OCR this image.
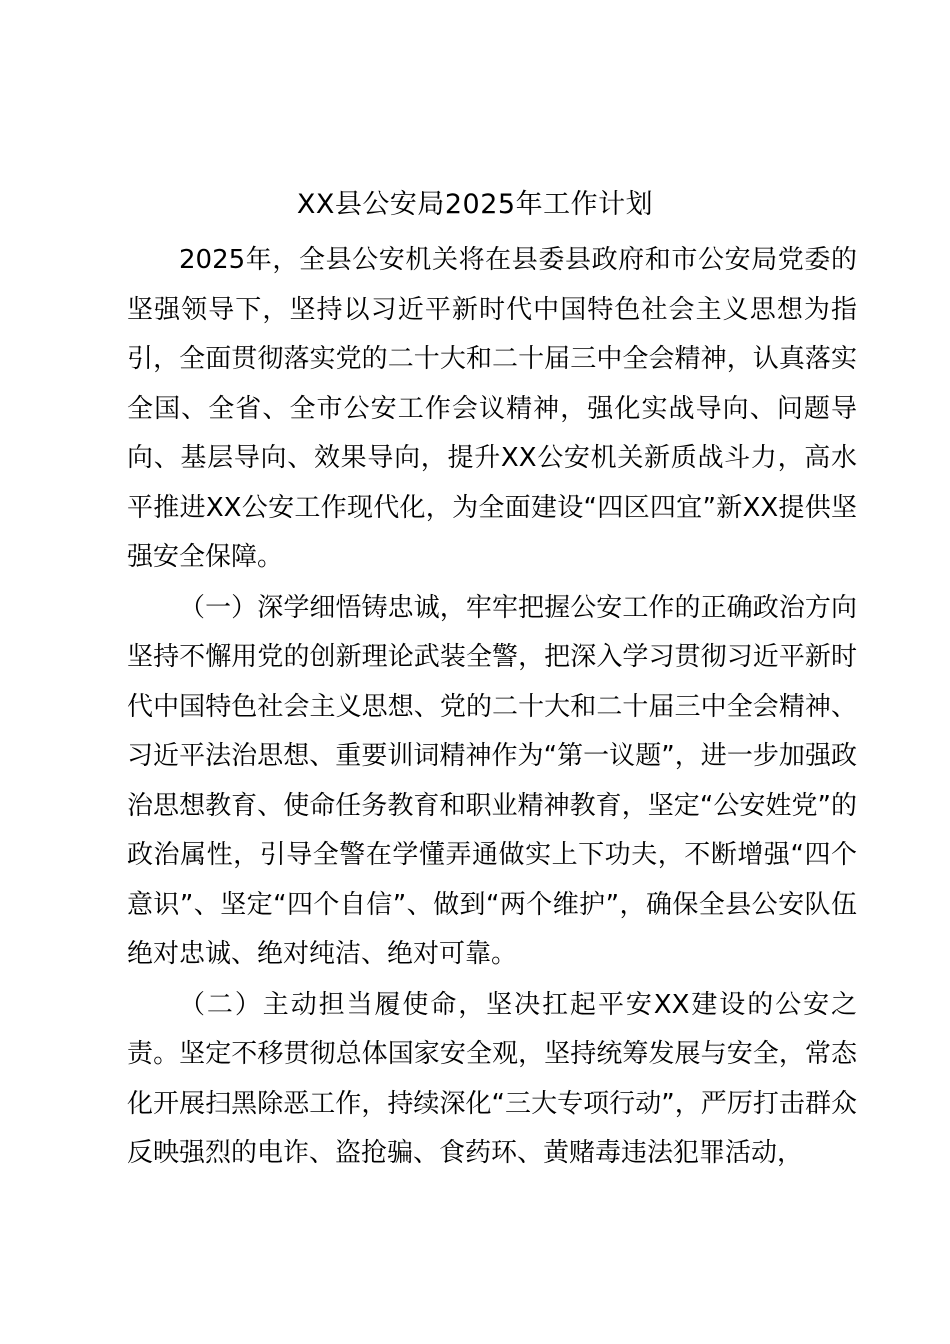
XX县公安局2025年工作计划

2025年，全县公安机关将在县委县政府和市公安局党委的坚强领导下，坚持以习近平新时代中国特色社会主义思想为指引，全面贯彻落实党的二十大和二十届三中全会精神，认真落实全国、全省、全市公安工作会议精神，强化实战导向、问题导向、基层导向、效果导向，提升XX公安机关新质战斗力，高水平推进XX公安工作现代化，为全面建设“四区四宜”新XX提供坚强安全保障。

（一）深学细悟铸忠诚，牢牢把握公安工作的正确政治方向坚持不懈用党的创新理论武装全警，把深入学习贯彻习近平新时代中国特色社会主义思想、党的二十大和二十届三中全会精神、习近平法治思想、重要训词精神作为“第一议题”，进一步加强政治思想教育、使命任务教育和职业精神教育，坚定“公安姓党”的政治属性，引导全警在学懂弄通做实上下功夫，不断增强“四个意识”、坚定“四个自信”、做到“两个维护”，确保全县公安队伍绝对忠诚、绝对纯洁、绝对可靠。

（二）主动担当履使命，坚决扛起平安XX建设的公安之责。坚定不移贯彻总体国家安全观，坚持统筹发展与安全，常态化开展扫黑除恶工作，持续深化“三大专项行动”，严厉打击群众反映强烈的电诈、盗抢骗、食药环、黄赌毒违法犯罪活动，
